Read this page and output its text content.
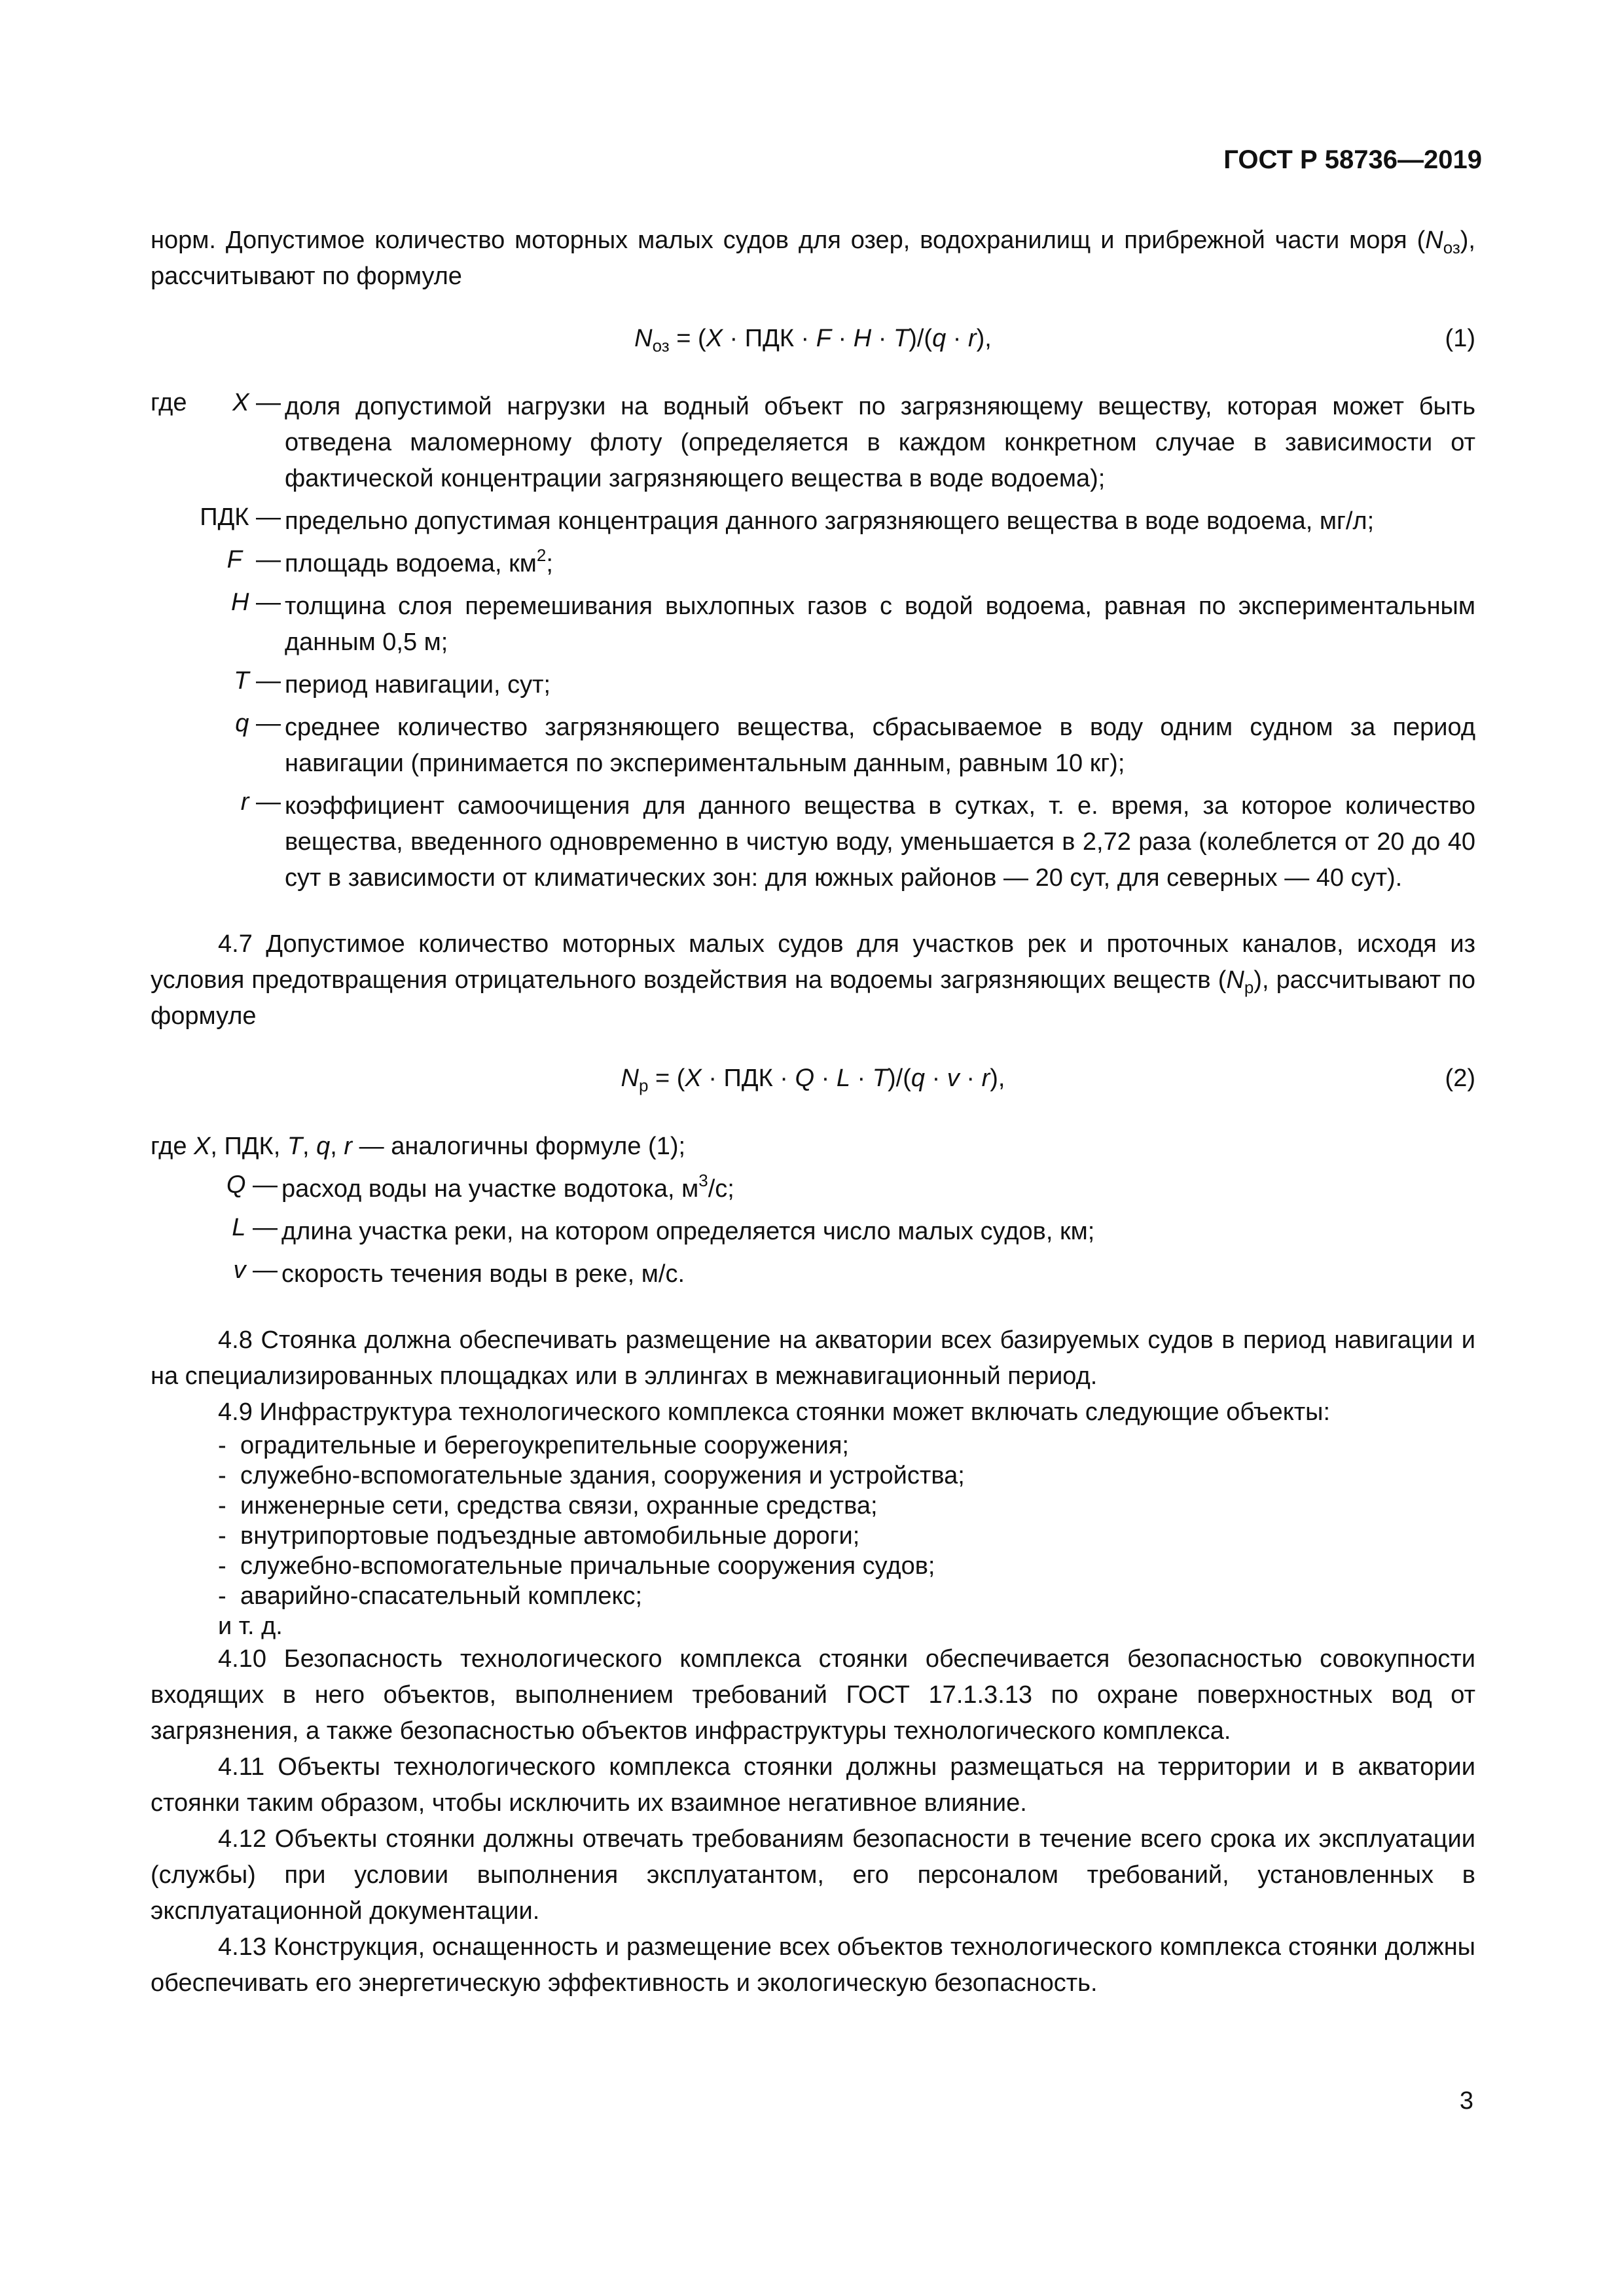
ГОСТ Р 58736—2019

норм. Допустимое количество моторных малых судов для озер, водохранилищ и прибрежной части моря $(N_{оз})$, рассчитывают по формуле

$N_{оз} = (X$ · ПДК · F · H · T)/(q · r),	(1)
где X — доля допустимой нагрузки на водный объект по загрязняющему веществу, которая может быть отведена маломерному флоту (определяется в каждом конкретном случае в зависимости от фактической концентрации загрязняющего вещества в воде водоема);

ПДК — предельно допустимая концентрация данного загрязняющего вещества в воде водоема, мг/л;

F  — площадь водоема, $км^2$;

H — толщина слоя перемешивания выхлопных газов с водой водоема, равная по экспериментальным данным 0,5 м;

T — период навигации, сут;

q — среднее количество загрязняющего вещества, сбрасываемое в воду одним судном за период навигации (принимается по экспериментальным данным, равным 10 кг);

r — коэффициент самоочищения для данного вещества в сутках, т. е. время, за которое количество вещества, введенного одновременно в чистую воду, уменьшается в 2,72 раза (колеблется от 20 до 40 сут в зависимости от климатических зон: для южных районов — 20 сут, для северных — 40 сут).

4.7 Допустимое количество моторных малых судов для участков рек и проточных каналов, исходя из условия предотвращения отрицательного воздействия на водоемы загрязняющих веществ $(N_р)$, рассчитывают по формуле

$N_р = (X$ · ПДК · Q · L · T)/(q · v · r),	(2)
где X, ПДК, T, q, r — аналогичны формуле (1);
Q — расход воды на участке водотока, $м^3/с$;
L — длина участка реки, на котором определяется число малых судов, км;
v — скорость течения воды в реке, м/с.

4.8 Стоянка должна обеспечивать размещение на акватории всех базируемых судов в период навигации и на специализированных площадках или в эллингах в межнавигационный период.

4.9 Инфраструктура технологического комплекса стоянки может включать следующие объекты:

- оградительные и берегоукрепительные сооружения;
- служебно-вспомогательные здания, сооружения и устройства;
- инженерные сети, средства связи, охранные средства;
- внутрипортовые подъездные автомобильные дороги;
- служебно-вспомогательные причальные сооружения судов;
- аварийно-спасательный комплекс;
и т. д.

4.10 Безопасность технологического комплекса стоянки обеспечивается безопасностью совокупности входящих в него объектов, выполнением требований ГОСТ 17.1.3.13 по охране поверхностных вод от загрязнения, а также безопасностью объектов инфраструктуры технологического комплекса.

4.11 Объекты технологического комплекса стоянки должны размещаться на территории и в акватории стоянки таким образом, чтобы исключить их взаимное негативное влияние.

4.12 Объекты стоянки должны отвечать требованиям безопасности в течение всего срока их эксплуатации (службы) при условии выполнения эксплуатантом, его персоналом требований, установленных в эксплуатационной документации.

4.13 Конструкция, оснащенность и размещение всех объектов технологического комплекса стоянки должны обеспечивать его энергетическую эффективность и экологическую безопасность.

3
